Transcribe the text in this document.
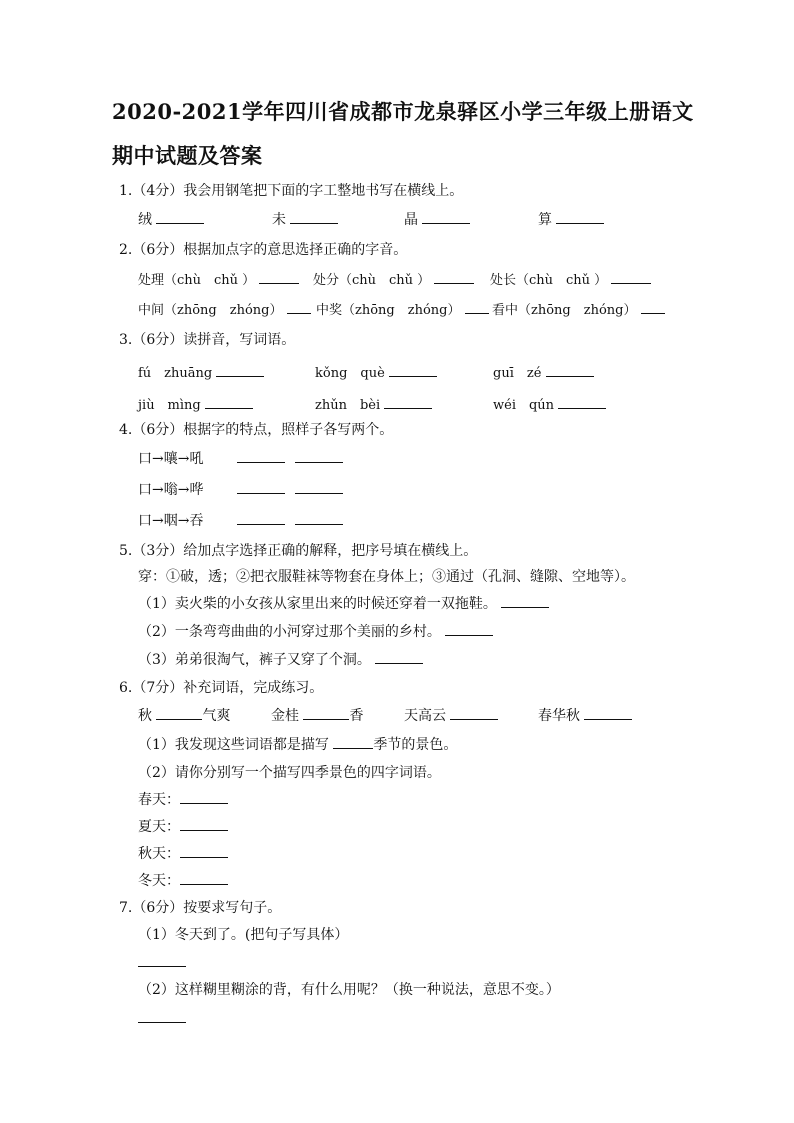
2020-2021学年四川省成都市龙泉驿区小学三年级上册语文
期中试题及答案
1.（4分）我会用钢笔把下面的字工整地书写在横线上。
绒	未	晶	算
2.（6分）根据加点字的意思选择正确的字音。
处理（chù　chǔ ）	处分（chù　chǔ ）	处长（chù　chǔ ）
中间（zhōng　zhóng）	中奖（zhōng　zhóng）	看中（zhōng　zhóng）
3.（6分）读拼音，写词语。
fú　zhuāng	kǒng　què	guī　zé
jiù　mìng	zhǔn　bèi	wéi　qún
4.（6分）根据字的特点，照样子各写两个。
口→嚷→吼

口→嗡→哗

口→咽→吞

5.（3分）给加点字选择正确的解释，把序号填在横线上。
穿：①破，透；②把衣服鞋袜等物套在身体上；③通过（孔洞、缝隙、空地等）。
（1）卖火柴的小女孩从家里出来的时候还穿着一双拖鞋。
（2）一条弯弯曲曲的小河穿过那个美丽的乡村。
（3）弟弟很淘气，裤子又穿了个洞。
6.（7分）补充词语，完成练习。
秋	气爽	金桂	香	天高云	春华秋
（1）我发现这些词语都是描写	季节的景色。
（2）请你分别写一个描写四季景色的四字词语。
春天：
夏天：
秋天：
冬天：
7.（6分）按要求写句子。
（1）冬天到了。(把句子写具体）
（2）这样糊里糊涂的背，有什么用呢？（换一种说法，意思不变。）
